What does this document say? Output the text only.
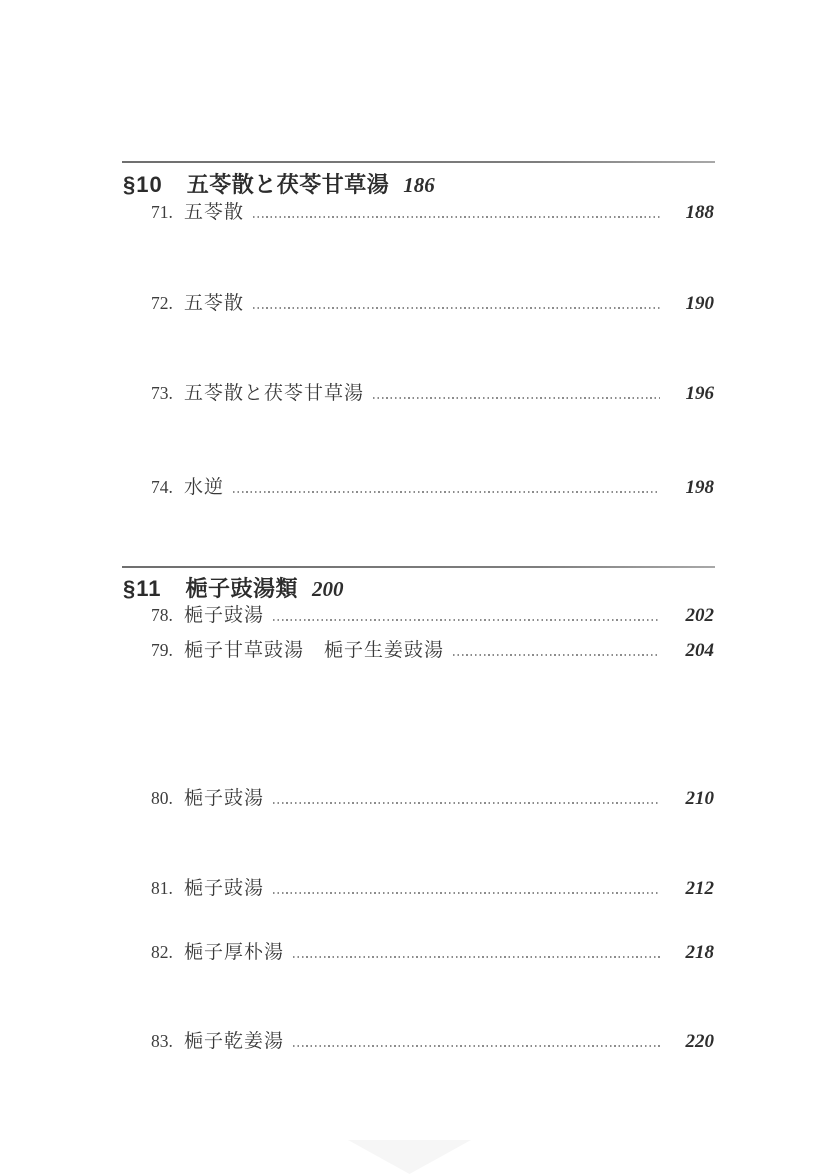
§10 五苓散と茯苓甘草湯 186
71. 五苓散	188
72. 五苓散	190
73. 五苓散と茯苓甘草湯	196
74. 水逆	198
§11 梔子豉湯類 200
78. 梔子豉湯	202
79. 梔子甘草豉湯　梔子生姜豉湯	204
80. 梔子豉湯	210
81. 梔子豉湯	212
82. 梔子厚朴湯	218
83. 梔子乾姜湯	220
